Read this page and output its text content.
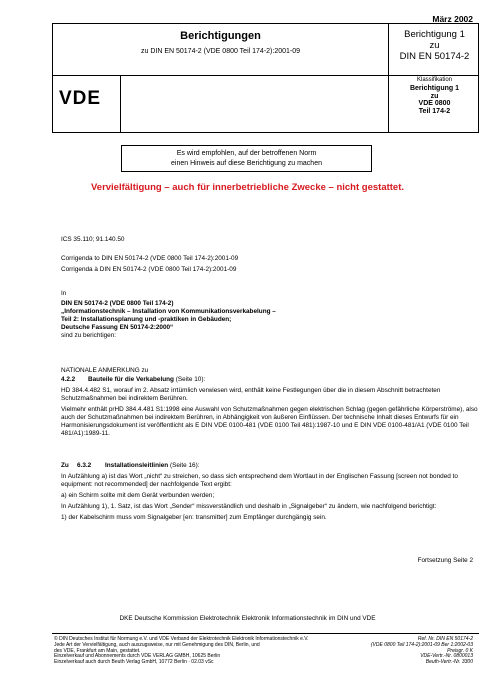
März 2002
Berichtigungen
zu DIN EN 50174-2 (VDE 0800 Teil 174-2):2001-09
VDE
Berichtigung 1
zu
DIN EN 50174-2
Klassifikation
Berichtigung 1
zu
VDE 0800
Teil 174-2
Es wird empfohlen, auf der betroffenen Norm
einen Hinweis auf diese Berichtigung zu machen
Vervielfältigung – auch für innerbetriebliche Zwecke – nicht gestattet.
ICS 35.110; 91.140.50
Corrigenda to DIN EN 50174-2 (VDE 0800 Teil 174-2):2001-09
Corrigenda à DIN EN 50174-2 (VDE 0800 Teil 174-2):2001-09
In
DIN EN 50174-2 (VDE 0800 Teil 174-2)
„Informationstechnik – Installation von Kommunikationsverkabelung –
Teil 2: Installationsplanung und -praktiken in Gebäuden;
Deutsche Fassung EN 50174-2:2000“
sind zu berichtigen:
NATIONALE ANMERKUNG zu
4.2.2	Bauteile für die Verkabelung
(Seite 10):
HD 384.4.482 S1, worauf im 2. Absatz irrtümlich verwiesen wird, enthält keine Festlegungen über die in diesem Abschnitt betrachteten Schutzmaßnahmen bei indirektem Berühren.
Vielmehr enthält prHD 384.4.481 S1:1998 eine Auswahl von Schutzmaßnahmen gegen elektrischen Schlag (gegen gefährliche Körperströme), also auch der Schutzmaßnahmen bei indirektem Berühren, in Abhängigkeit von äußeren Einflüssen. Der technische Inhalt dieses Entwurfs für ein Harmonisierungsdokument ist veröffentlicht als E DIN VDE 0100-481 (VDE 0100 Teil 481):1987-10 und E DIN VDE 0100-481/A1 (VDE 0100 Teil 481/A1):1989-11.
Zu	6.3.2	Installationsleitlinien
(Seite 16):
In Aufzählung a) ist das Wort „nicht“ zu streichen, so dass sich entsprechend dem Wortlaut in der Englischen Fassung [screen not bonded to equipment: not recommended] der nachfolgende Text ergibt:
a) ein Schirm sollte mit dem Gerät verbunden werden;
In Aufzählung 1), 1. Satz, ist das Wort „Sender“ missverständlich und deshalb in „Signalgeber“ zu ändern, wie nachfolgend berichtigt:
1) der Kabelschirm muss vom Signalgeber [en: transmitter] zum Empfänger durchgängig sein.
Fortsetzung Seite 2
DKE Deutsche Kommission Elektrotechnik Elektronik Informationstechnik im DIN und VDE
© DIN Deutsches Institut für Normung e.V. und VDE Verband der Elektrotechnik Elektronik Informationstechnik e.V.
Jede Art der Vervielfältigung, auch auszugsweise, nur mit Genehmigung des DIN, Berlin, und
des VDE, Frankfurt am Main, gestattet.
Einzelverkauf und Abonnements durch VDE VERLAG GMBH, 10625 Berlin
Einzelverkauf auch durch Beuth Verlag GmbH, 10772 Berlin · 02.03 vSc
Ref. Nr. DIN EN 50174-2
(VDE 0800 Teil 174-2):2001-09 Ber 1:2002-03
Preisgr. 0 K
VDE-Vertr.-Nr. 0800013
Beuth-Vertr.-Nr. 3300
